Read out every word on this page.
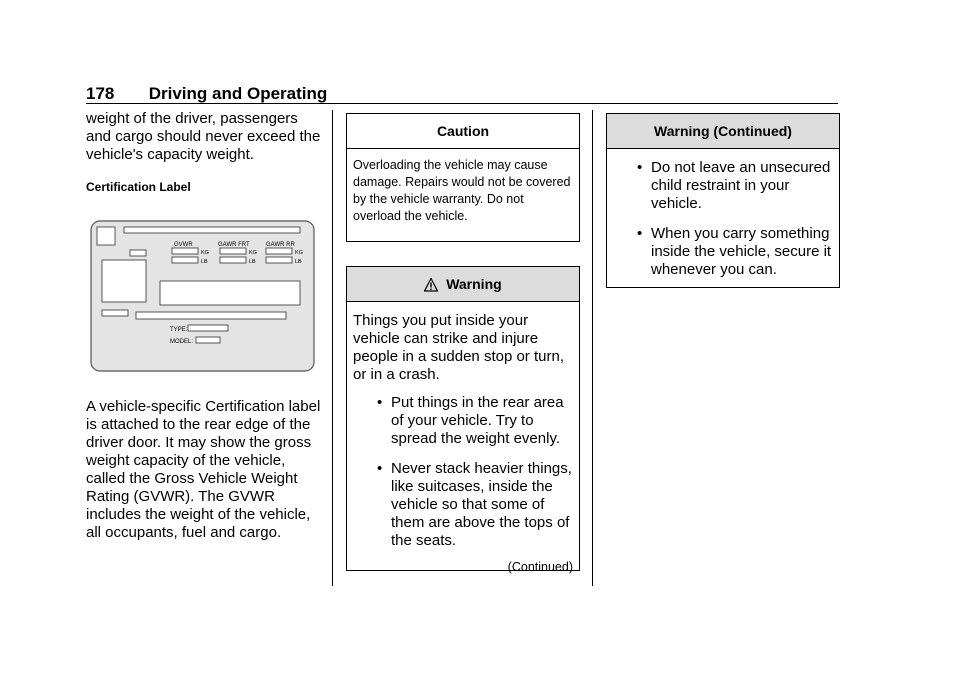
178 Driving and Operating

weight of the driver, passengers and cargo should never exceed the vehicle's capacity weight.

Certification Label

GVWR	GAWR FRT	GAWR RR
KG
LB
KG
LB
KG
LB
TYPE:
MODEL:

A vehicle-specific Certification label is attached to the rear edge of the driver door. It may show the gross weight capacity of the vehicle, called the Gross Vehicle Weight Rating (GVWR). The GVWR includes the weight of the vehicle, all occupants, fuel and cargo.

Caution
Overloading the vehicle may cause damage. Repairs would not be covered by the vehicle warranty. Do not overload the vehicle.
Warning
Things you put inside your vehicle can strike and injure people in a sudden stop or turn, or in a crash.
• Put things in the rear area of your vehicle. Try to spread the weight evenly.
• Never stack heavier things, like suitcases, inside the vehicle so that some of them are above the tops of the seats.
(Continued)
Warning (Continued)
• Do not leave an unsecured child restraint in your vehicle.
• When you carry something inside the vehicle, secure it whenever you can.
